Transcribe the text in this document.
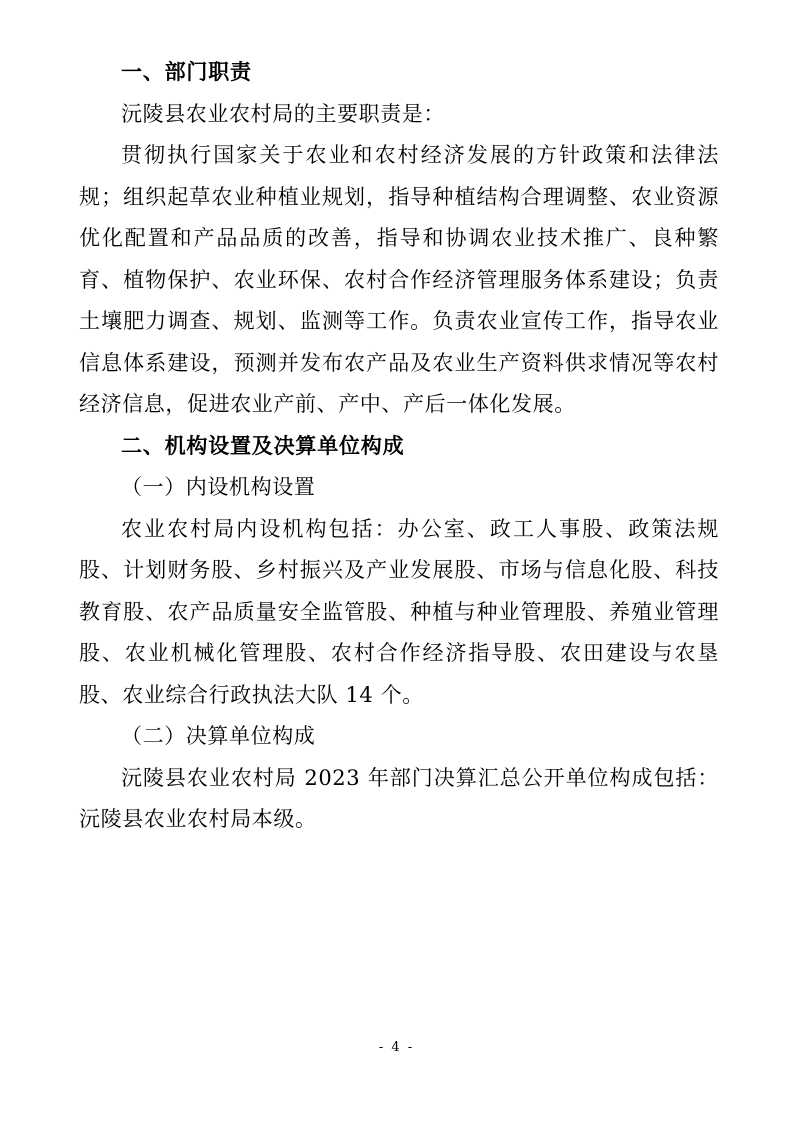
一、部门职责

沅陵县农业农村局的主要职责是：

贯彻执行国家关于农业和农村经济发展的方针政策和法律法规；组织起草农业种植业规划，指导种植结构合理调整、农业资源优化配置和产品品质的改善，指导和协调农业技术推广、良种繁育、植物保护、农业环保、农村合作经济管理服务体系建设；负责土壤肥力调查、规划、监测等工作。负责农业宣传工作，指导农业信息体系建设，预测并发布农产品及农业生产资料供求情况等农村经济信息，促进农业产前、产中、产后一体化发展。

二、机构设置及决算单位构成

（一）内设机构设置

农业农村局内设机构包括：办公室、政工人事股、政策法规股、计划财务股、乡村振兴及产业发展股、市场与信息化股、科技教育股、农产品质量安全监管股、种植与种业管理股、养殖业管理股、农业机械化管理股、农村合作经济指导股、农田建设与农垦股、农业综合行政执法大队 14 个。

（二）决算单位构成

沅陵县农业农村局 2023 年部门决算汇总公开单位构成包括：沅陵县农业农村局本级。

- 4 -
